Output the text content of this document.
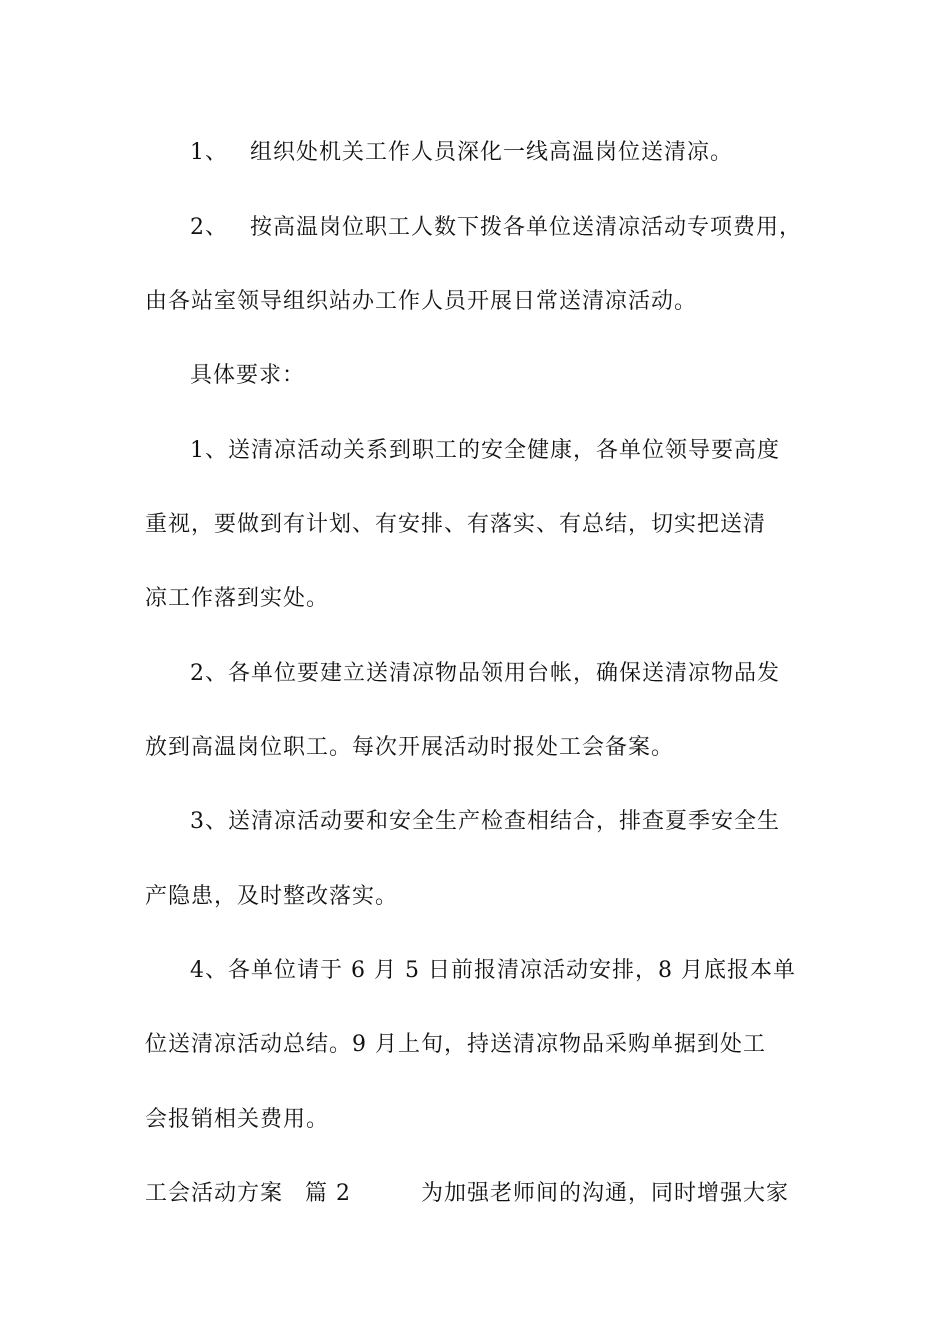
1、 组织处机关工作人员深化一线高温岗位送清凉。
2、 按高温岗位职工人数下拨各单位送清凉活动专项费用，
由各站室领导组织站办工作人员开展日常送清凉活动。
具体要求：
1、送清凉活动关系到职工的安全健康，各单位领导要高度
重视，要做到有计划、有安排、有落实、有总结，切实把送清
凉工作落到实处。
2、各单位要建立送清凉物品领用台帐，确保送清凉物品发
放到高温岗位职工。每次开展活动时报处工会备案。
3、送清凉活动要和安全生产检查相结合，排查夏季安全生
产隐患，及时整改落实。
4、各单位请于 6 月 5 日前报清凉活动安排，8 月底报本单
位送清凉活动总结。9 月上旬，持送清凉物品采购单据到处工
会报销相关费用。
工会活动方案 篇 2	为加强老师间的沟通，同时增强大家
